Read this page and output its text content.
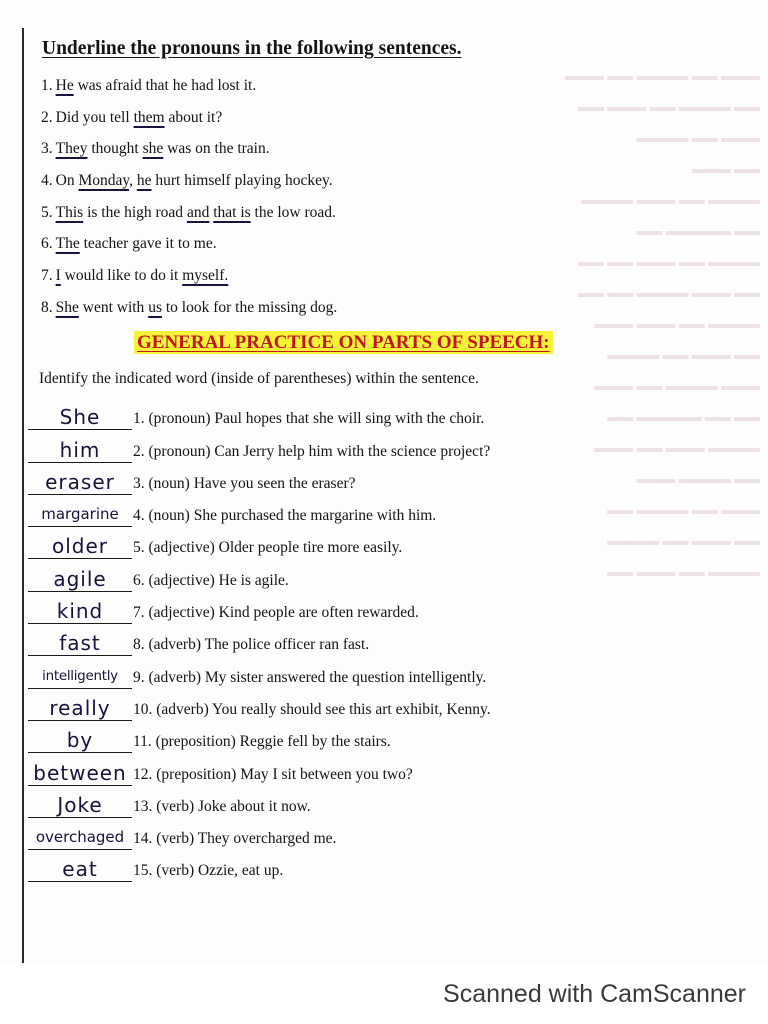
▬▬▬ ▬▬ ▬▬▬▬ ▬▬ ▬▬▬
▬▬ ▬▬▬▬ ▬▬ ▬▬▬ ▬▬
▬▬▬ ▬▬ ▬▬▬▬
▬▬ ▬▬▬
▬▬▬▬ ▬▬ ▬▬▬ ▬▬▬▬
▬▬ ▬▬▬▬▬ ▬▬
▬▬▬▬ ▬▬ ▬▬▬ ▬▬ ▬▬
▬▬ ▬▬▬ ▬▬▬▬ ▬▬ ▬▬
▬▬▬▬ ▬▬ ▬▬▬ ▬▬▬
▬▬ ▬▬▬ ▬▬ ▬▬▬▬
▬▬▬ ▬▬▬▬ ▬▬ ▬▬▬
▬▬ ▬▬ ▬▬▬▬▬ ▬▬
▬▬▬▬ ▬▬▬ ▬▬ ▬▬▬
▬▬ ▬▬▬▬ ▬▬▬
▬▬▬ ▬▬ ▬▬▬▬ ▬▬
▬▬ ▬▬▬ ▬▬ ▬▬▬▬
▬▬▬▬ ▬▬ ▬▬▬ ▬▬
Underline the pronouns in the following sentences.
1. He was afraid that he had lost it.
2. Did you tell them about it?
3. They thought she was on the train.
4. On Monday, he hurt himself playing hockey.
5. This is the high road and that is the low road.
6. The teacher gave it to me.
7. I would like to do it myself.
8. She went with us to look for the missing dog.
GENERAL PRACTICE ON PARTS OF SPEECH:

Identify the indicated word (inside of parentheses) within the sentence.

She	1. (pronoun) Paul hopes that she will sing with the choir.
him	2. (pronoun) Can Jerry help him with the science project?
eraser	3. (noun) Have you seen the eraser?
margarine 4. (noun) She purchased the margarine with him.
older	5. (adjective) Older people tire more easily.
agile	6. (adjective) He is agile.
kind	7. (adjective) Kind people are often rewarded.
fast	8. (adverb) The police officer ran fast.
intelligently 9. (adverb) My sister answered the question intelligently.
really	10. (adverb) You really should see this art exhibit, Kenny.
by	11. (preposition) Reggie fell by the stairs.
between 12. (preposition) May I sit between you two?
Joke	13. (verb) Joke about it now.
overchaged 14. (verb) They overcharged me.
eat	15. (verb) Ozzie, eat up.
Scanned with CamScanner
